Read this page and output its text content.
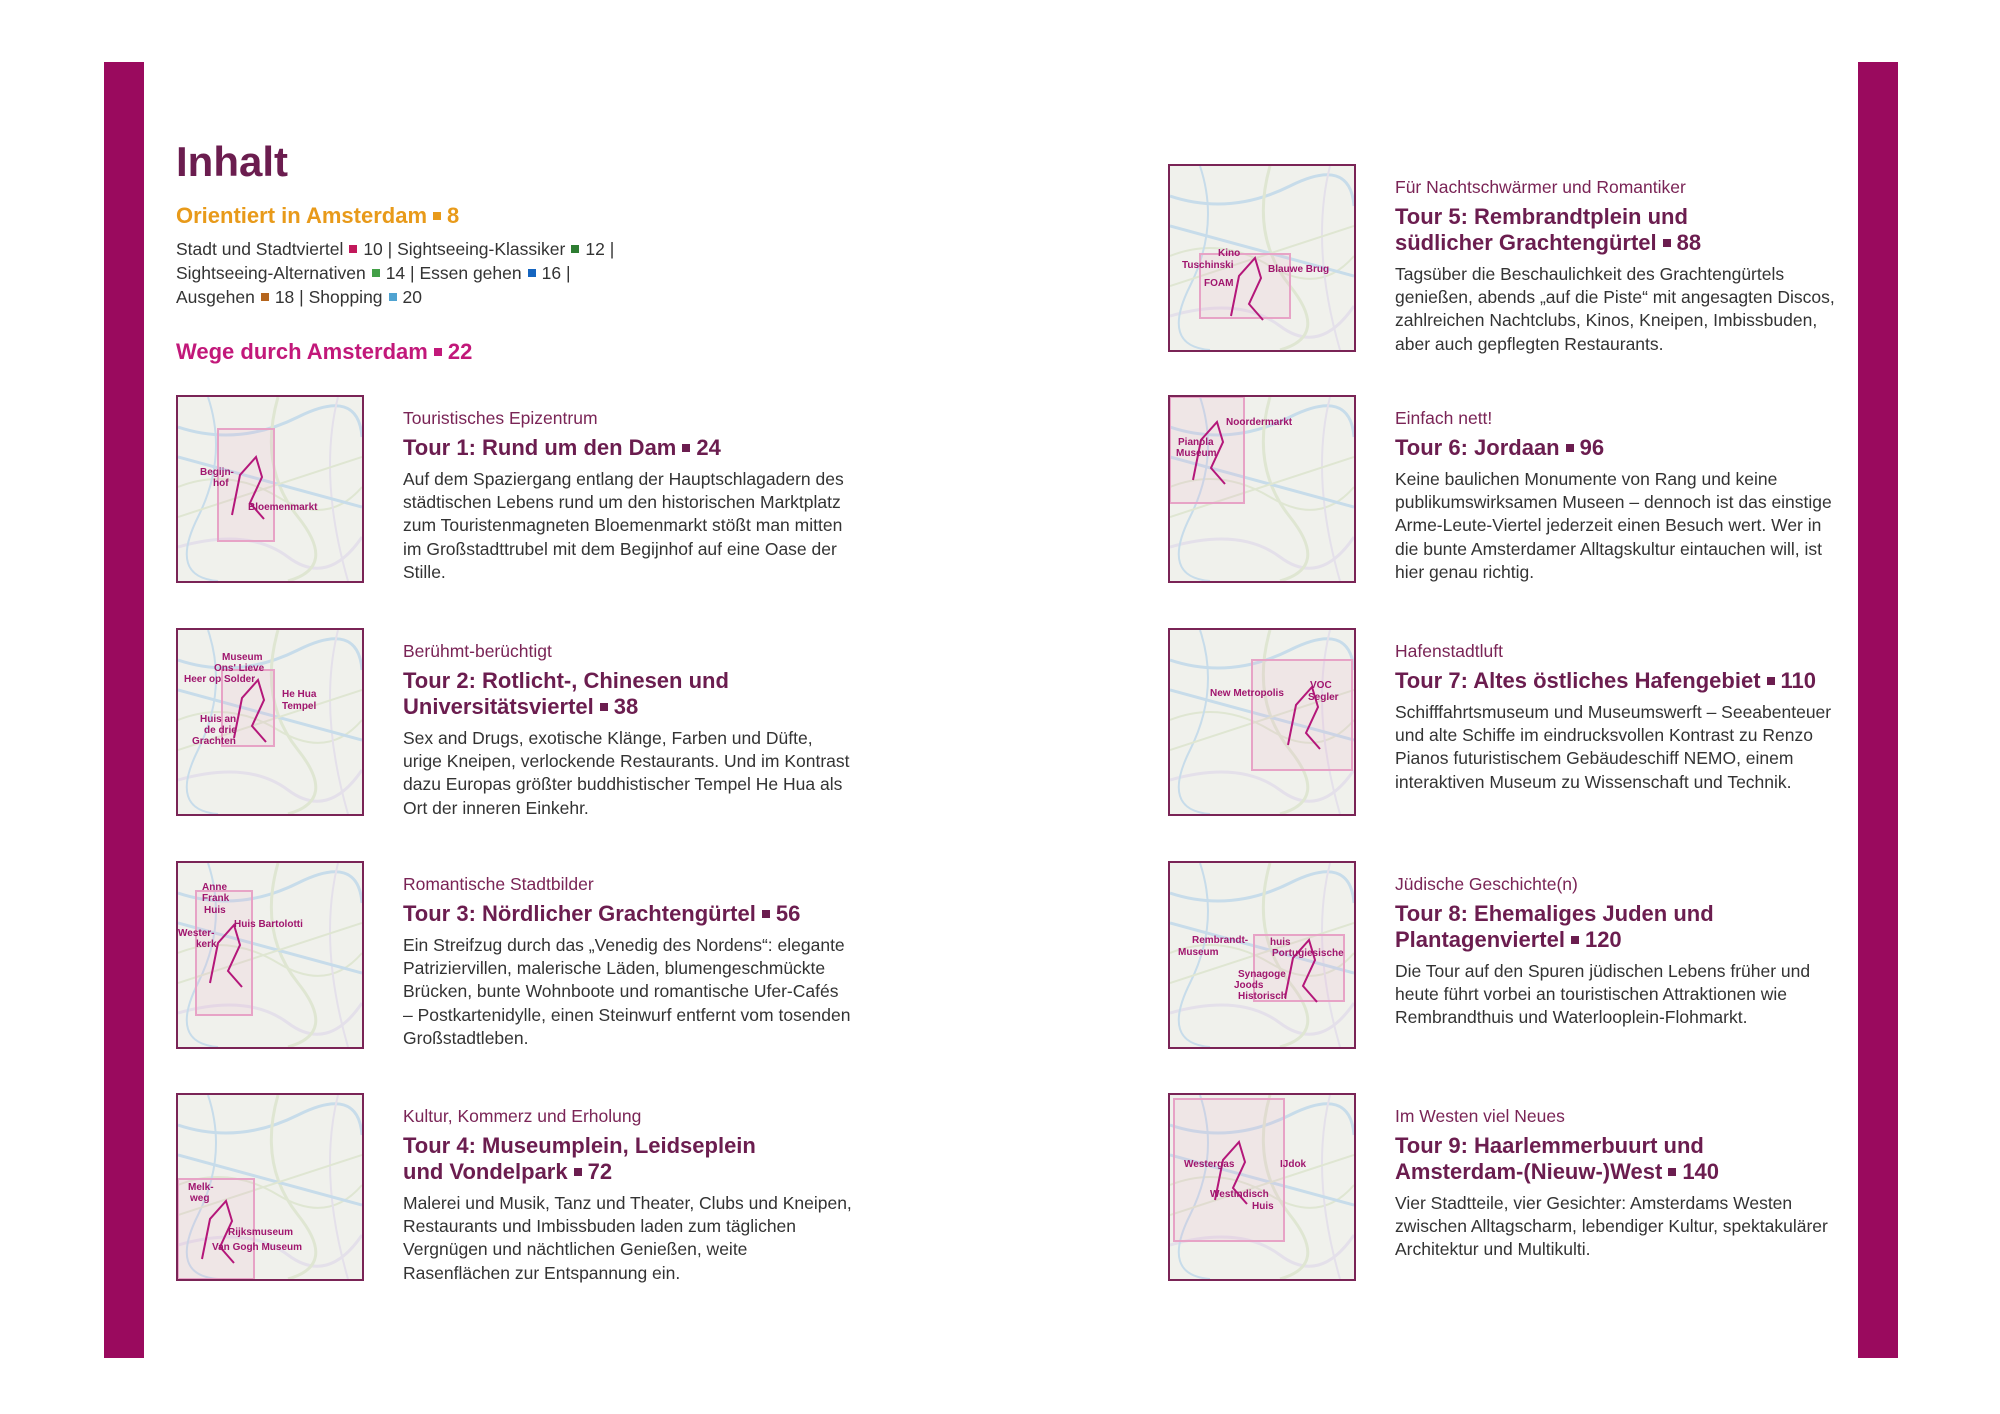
Inhalt
Orientiert in Amsterdam 8
Stadt und Stadtviertel 10 | Sightseeing-Klassiker 12 |
Sightseeing-Alternativen 14 | Essen gehen 16 |
Ausgehen 18 | Shopping 20
Wege durch Amsterdam 22
Begijn-
hof
Bloemenmarkt

Touristisches Epizentrum

Tour 1: Rund um den Dam 24

Auf dem Spaziergang entlang der Hauptschlagadern des städtischen Lebens rund um den historischen Marktplatz zum Touristenmagneten Bloemenmarkt stößt man mitten im Großstadttrubel mit dem Begijnhof auf eine Oase der Stille.

Museum
Ons' Lieve
Heer op Solder
He Hua
Tempel
Huis an
de drie
Grachten

Berühmt-berüchtigt

Tour 2: Rotlicht-, Chinesen und
Universitätsviertel 38

Sex and Drugs, exotische Klänge, Farben und Düfte, urige Kneipen, verlockende Restaurants. Und im Kontrast dazu Europas größter buddhistischer Tempel He Hua als Ort der inneren Einkehr.

Anne
Frank
Huis
Huis Bartolotti
Wester-
kerk

Romantische Stadtbilder

Tour 3: Nördlicher Grachtengürtel 56

Ein Streifzug durch das „Venedig des Nordens“: elegante Patriziervillen, malerische Läden, blumengeschmückte Brücken, bunte Wohnboote und romantische Ufer-Cafés – Postkartenidylle, einen Steinwurf entfernt vom tosenden Großstadtleben.

Melk-
weg
Rijksmuseum
Van Gogh Museum

Kultur, Kommerz und Erholung

Tour 4: Museumplein, Leidseplein
und Vondelpark 72

Malerei und Musik, Tanz und Theater, Clubs und Kneipen, Restaurants und Imbissbuden laden zum täglichen Vergnügen und nächtlichen Genießen, weite Rasenflächen zur Entspannung ein.

Kino
Tuschinski	Blauwe Brug
FOAM

Für Nachtschwärmer und Romantiker

Tour 5: Rembrandtplein und
südlicher Grachtengürtel 88

Tagsüber die Beschaulichkeit des Grachtengürtels genießen, abends „auf die Piste“ mit angesagten Discos, zahlreichen Nachtclubs, Kinos, Kneipen, Imbissbuden, aber auch gepflegten Restaurants.

Noordermarkt
Pianola
Museum

Einfach nett!

Tour 6: Jordaan 96

Keine baulichen Monumente von Rang und keine publikumswirksamen Museen – dennoch ist das einstige Arme-Leute-Viertel jederzeit einen Besuch wert. Wer in die bunte Amsterdamer Alltagskultur eintauchen will, ist hier genau richtig.

New Metropolis
VOC
Segler

Hafenstadtluft

Tour 7: Altes östliches Hafengebiet 110

Schifffahrtsmuseum und Museumswerft – Seeabenteuer und alte Schiffe im eindrucksvollen Kontrast zu Renzo Pianos futuristischem Gebäudeschiff NEMO, einem interaktiven Museum zu Wissenschaft und Technik.

Rembrandt- huis
Portugiesische
Synagoge
Joods
Historisch
Museum

Jüdische Geschichte(n)

Tour 8: Ehemaliges Juden und
Plantagenviertel 120

Die Tour auf den Spuren jüdischen Lebens früher und heute führt vorbei an touristischen Attraktionen wie Rembrandthuis und Waterlooplein-Flohmarkt.

Westergas	IJdok
Westindisch
Huis

Im Westen viel Neues

Tour 9: Haarlemmerbuurt und
Amsterdam-(Nieuw-)West 140

Vier Stadtteile, vier Gesichter: Amsterdams Westen zwischen Alltagscharm, lebendiger Kultur, spektakulärer Architektur und Multikulti.
